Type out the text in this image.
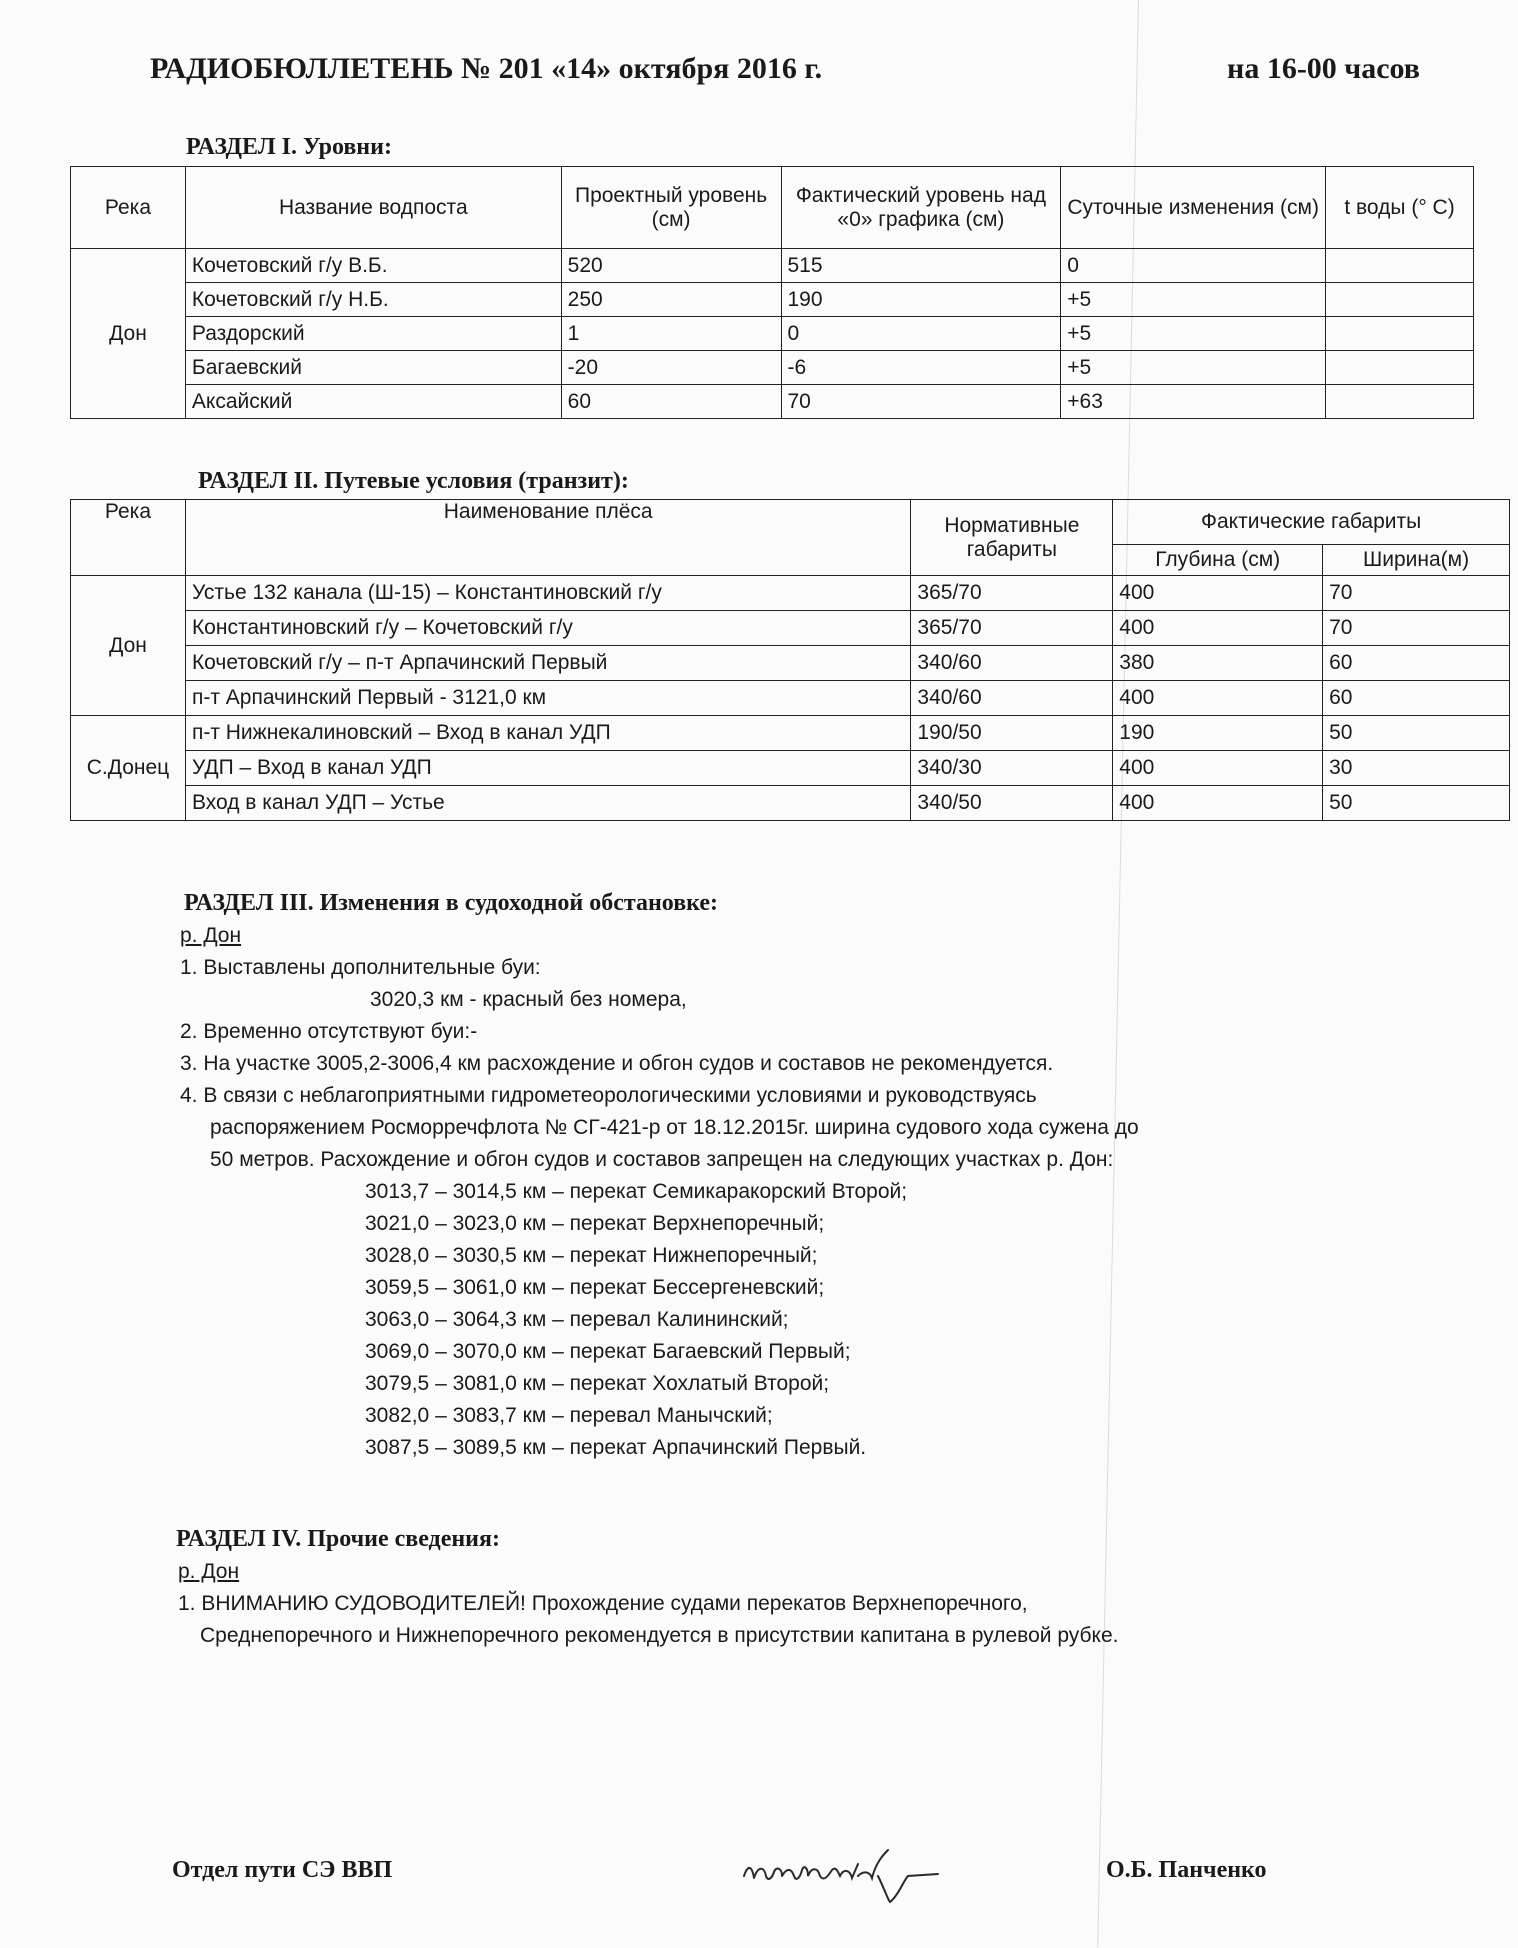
РАДИОБЮЛЛЕТЕНЬ № 201 «14» октября 2016 г.	на 16-00 часов
РАЗДЕЛ I. Уровни:
Река	Название водпоста	Проектный уровень (см)	Фактический уровень над «0» графика (см)	Суточные изменения (см)	t воды (° С)
Дон	Кочетовский г/у В.Б.	520	515	0	
	Кочетовский г/у Н.Б.	250	190	+5	
	Раздорский	1	0	+5	
	Багаевский	-20	-6	+5	
	Аксайский	60	70	+63	
РАЗДЕЛ II. Путевые условия (транзит):
Река	Наименование плёса	Нормативные габариты	Фактические габариты	
			Глубина (см)	Ширина(м)
Дон	Устье 132 канала (Ш-15) – Константиновский г/у	365/70	400	70
	Константиновский г/у – Кочетовский г/у	365/70	400	70
	Кочетовский г/у – п-т Арпачинский Первый	340/60	380	60
	п-т Арпачинский Первый - 3121,0 км	340/60	400	60
С.Донец	п-т Нижнекалиновский – Вход в канал УДП	190/50	190	50
	УДП – Вход в канал УДП	340/30	400	30
	Вход в канал УДП – Устье	340/50	400	50
РАЗДЕЛ III. Изменения в судоходной обстановке:

р. Дон

1. Выставлены дополнительные буи:

3020,3 км - красный без номера,

2. Временно отсутствуют буи:-

3. На участке 3005,2-3006,4 км расхождение и обгон судов и составов не рекомендуется.

4. В связи с неблагоприятными гидрометеорологическими условиями и руководствуясь

распоряжением Росморречфлота № СГ-421-р от 18.12.2015г. ширина судового хода сужена до

50 метров. Расхождение и обгон судов и составов запрещен на следующих участках р. Дон:

3013,7 – 3014,5 км – перекат Семикаракорский Второй;

3021,0 – 3023,0 км – перекат Верхнепоречный;

3028,0 – 3030,5 км – перекат Нижнепоречный;

3059,5 – 3061,0 км – перекат Бессергеневский;

3063,0 – 3064,3 км – перевал Калининский;

3069,0 – 3070,0 км – перекат Багаевский Первый;

3079,5 – 3081,0 км – перекат Хохлатый Второй;

3082,0 – 3083,7 км – перевал Манычский;

3087,5 – 3089,5 км – перекат Арпачинский Первый.

РАЗДЕЛ IV. Прочие сведения:

р. Дон

1. ВНИМАНИЮ СУДОВОДИТЕЛЕЙ! Прохождение судами перекатов Верхнепоречного,

Среднепоречного и Нижнепоречного рекомендуется в присутствии капитана в рулевой рубке.

Отдел пути СЭ ВВП	О.Б. Панченко
